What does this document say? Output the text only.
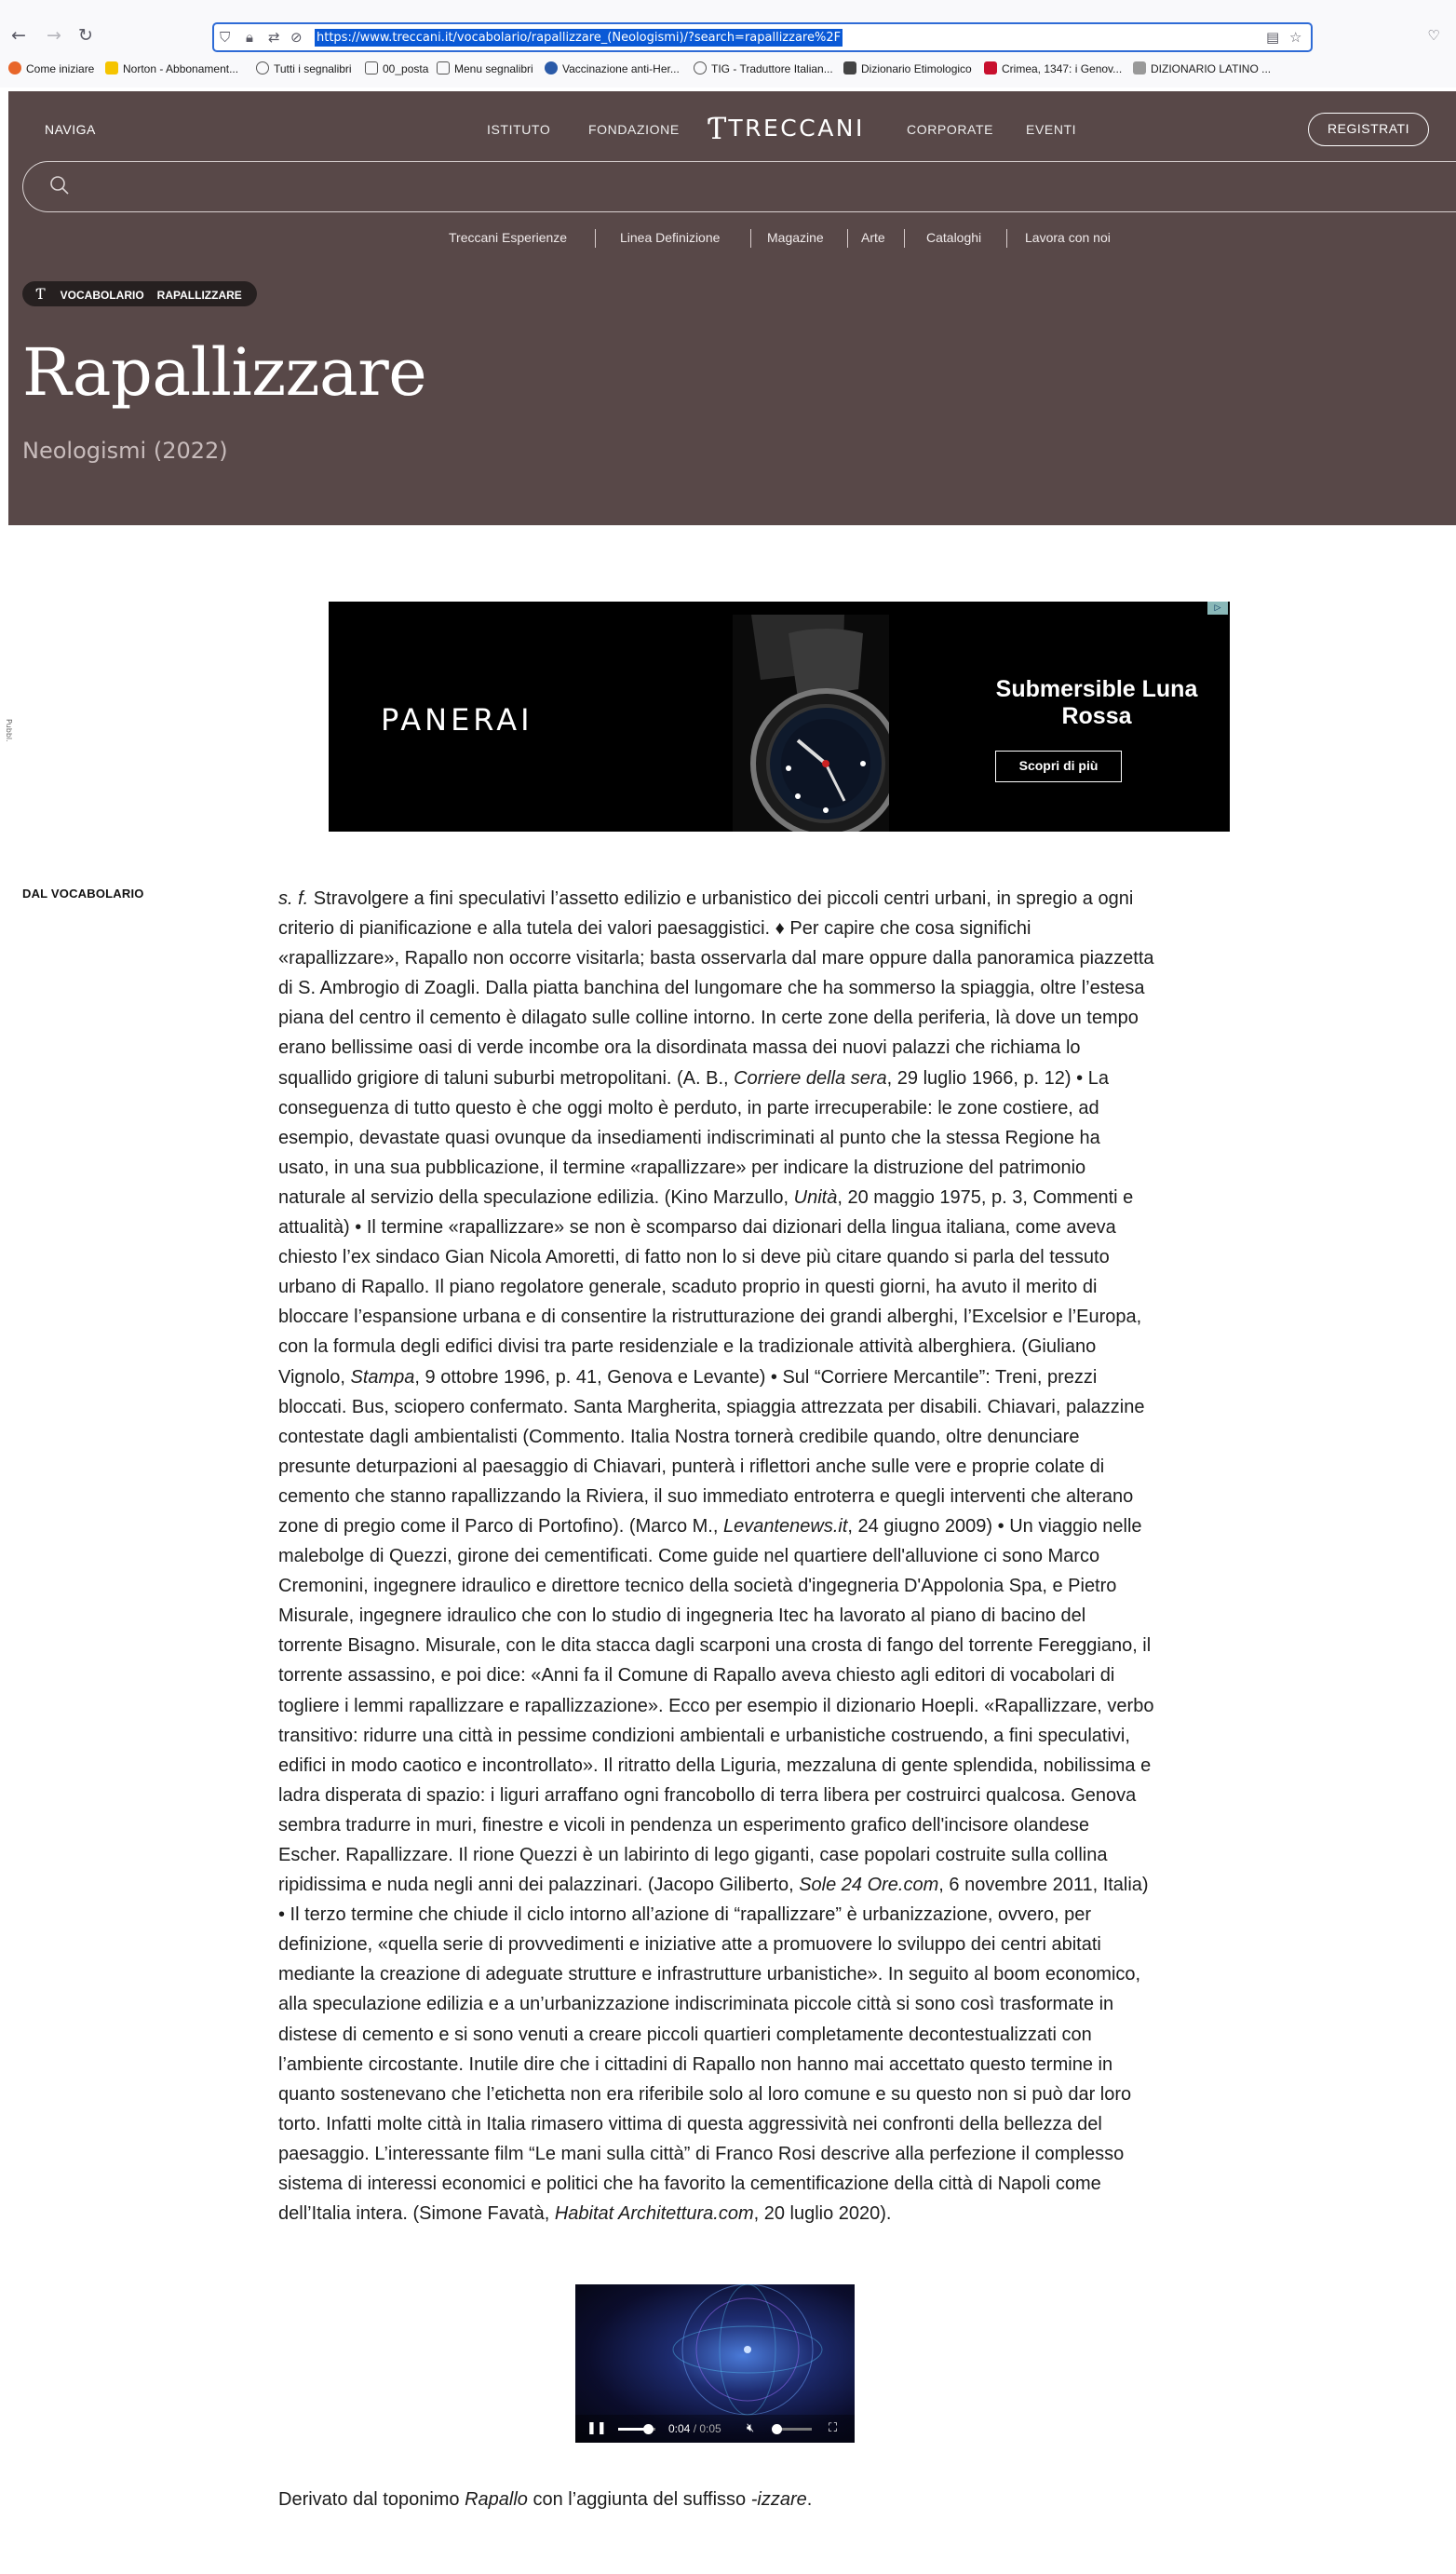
← → ↻	⛉ 🔒︎ ⇄ ⊘ https://www.treccani.it/vocabolario/rapallizzare_(Neologismi)/?search=rapallizzare%2F	▤ ☆	♡
Come iniziare	Norton - Abbonament...	Tutti i segnalibri	00_posta	Menu segnalibri	Vaccinazione anti-Her...	TIG - Traduttore Italian...	Dizionario Etimologico	Crimea, 1347: i Genov...	DIZIONARIO LATINO ...
NAVIGA	ISTITUTO	FONDAZIONE ƬTRECCANI	CORPORATE EVENTI	REGISTRATI
Treccani Esperienze	Linea Definizione	Magazine	Arte	Cataloghi	Lavora con noi
Ƭ VOCABOLARIO RAPALLIZZARE
Rapallizzare
Neologismi (2022)
Pubbl.	PANERAI
Submersible Luna Rossa
Scopri di più
▷
DAL VOCABOLARIO	s. f. Stravolgere a fini speculativi l’assetto edilizio e urbanistico dei piccoli centri urbani, in spregio a ogni criterio di pianificazione e alla tutela dei valori paesaggistici. ♦ Per capire che cosa significhi «rapallizzare», Rapallo non occorre visitarla; basta osservarla dal mare oppure dalla panoramica piazzetta di S. Ambrogio di Zoagli. Dalla piatta banchina del lungomare che ha sommerso la spiaggia, oltre l’estesa piana del centro il cemento è dilagato sulle colline intorno. In certe zone della periferia, là dove un tempo erano bellissime oasi di verde incombe ora la disordinata massa dei nuovi palazzi che richiama lo squallido grigiore di taluni suburbi metropolitani. (A. B., Corriere della sera, 29 luglio 1966, p. 12) • La conseguenza di tutto questo è che oggi molto è perduto, in parte irrecuperabile: le zone costiere, ad esempio, devastate quasi ovunque da insediamenti indiscriminati al punto che la stessa Regione ha usato, in una sua pubblicazione, il termine «rapallizzare» per indicare la distruzione del patrimonio naturale al servizio della speculazione edilizia. (Kino Marzullo, Unità, 20 maggio 1975, p. 3, Commenti e attualità) • Il termine «rapallizzare» se non è scomparso dai dizionari della lingua italiana, come aveva chiesto l’ex sindaco Gian Nicola Amoretti, di fatto non lo si deve più citare quando si parla del tessuto urbano di Rapallo. Il piano regolatore generale, scaduto proprio in questi giorni, ha avuto il merito di bloccare l’espansione urbana e di consentire la ristrutturazione dei grandi alberghi, l’Excelsior e l’Europa, con la formula degli edifici divisi tra parte residenziale e la tradizionale attività alberghiera. (Giuliano Vignolo, Stampa, 9 ottobre 1996, p. 41, Genova e Levante) • Sul “Corriere Mercantile”: Treni, prezzi bloccati. Bus, sciopero confermato. Santa Margherita, spiaggia attrezzata per disabili. Chiavari, palazzine contestate dagli ambientalisti (Commento. Italia Nostra tornerà credibile quando, oltre denunciare presunte deturpazioni al paesaggio di Chiavari, punterà i riflettori anche sulle vere e proprie colate di cemento che stanno rapallizzando la Riviera, il suo immediato entroterra e quegli interventi che alterano zone di pregio come il Parco di Portofino). (Marco M., Levantenews.it, 24 giugno 2009) • Un viaggio nelle malebolge di Quezzi, girone dei cementificati. Come guide nel quartiere dell'alluvione ci sono Marco Cremonini, ingegnere idraulico e direttore tecnico della società d'ingegneria D'Appolonia Spa, e Pietro Misurale, ingegnere idraulico che con lo studio di ingegneria Itec ha lavorato al piano di bacino del torrente Bisagno. Misurale, con le dita stacca dagli scarponi una crosta di fango del torrente Fereggiano, il torrente assassino, e poi dice: «Anni fa il Comune di Rapallo aveva chiesto agli editori di vocabolari di togliere i lemmi rapallizzare e rapallizzazione». Ecco per esempio il dizionario Hoepli. «Rapallizzare, verbo transitivo: ridurre una città in pessime condizioni ambientali e urbanistiche costruendo, a fini speculativi, edifici in modo caotico e incontrollato». Il ritratto della Liguria, mezzaluna di gente splendida, nobilissima e ladra disperata di spazio: i liguri arraffano ogni francobollo di terra libera per costruirci qualcosa. Genova sembra tradurre in muri, finestre e vicoli in pendenza un esperimento grafico dell'incisore olandese Escher. Rapallizzare. Il rione Quezzi è un labirinto di lego giganti, case popolari costruite sulla collina ripidissima e nuda negli anni dei palazzinari. (Jacopo Giliberto, Sole 24 Ore.com, 6 novembre 2011, Italia) • Il terzo termine che chiude il ciclo intorno all’azione di “rapallizzare” è urbanizzazione, ovvero, per definizione, «quella serie di provvedimenti e iniziative atte a promuovere lo sviluppo dei centri abitati mediante la creazione di adeguate strutture e infrastrutture urbanistiche». In seguito al boom economico, alla speculazione edilizia e a un’urbanizzazione indiscriminata piccole città si sono così trasformate in distese di cemento e si sono venuti a creare piccoli quartieri completamente decontestualizzati con l’ambiente circostante. Inutile dire che i cittadini di Rapallo non hanno mai accettato questo termine in quanto sostenevano che l’etichetta non era riferibile solo al loro comune e su questo non si può dar loro torto. Infatti molte città in Italia rimasero vittima di questa aggressività nei confronti della bellezza del paesaggio. L’interessante film “Le mani sulla città” di Franco Rosi descrive alla perfezione il complesso sistema di interessi economici e politici che ha favorito la cementificazione della città di Napoli come dell’Italia intera. (Simone Favatà, Habitat Architettura.com, 20 luglio 2020).
❚❚	0:04 / 0:05 🔇︎	⛶
Derivato dal toponimo Rapallo con l’aggiunta del suffisso -izzare.
